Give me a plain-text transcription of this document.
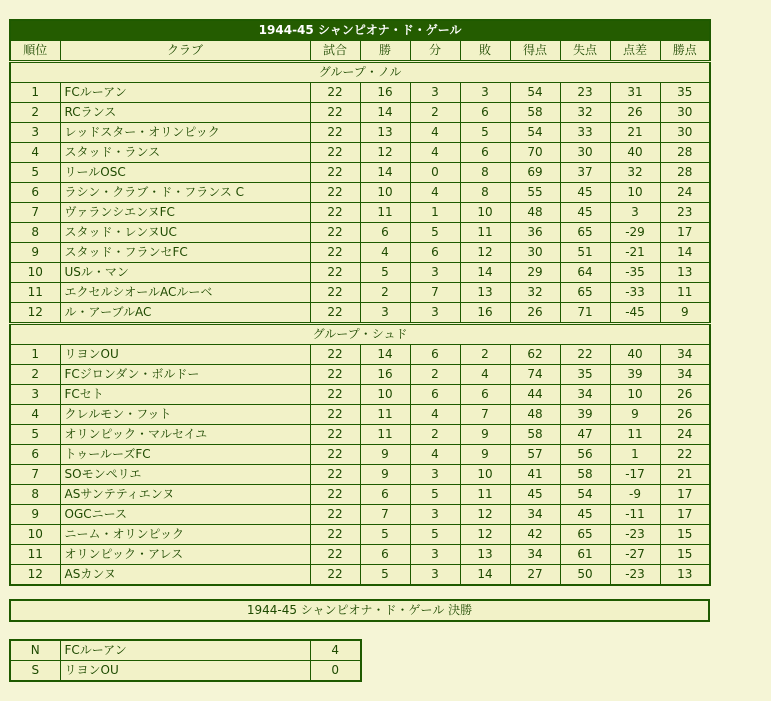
1944-45 シャンピオナ・ド・ゲール									
順位	クラブ	試合	勝	分	敗	得点	失点	点差	勝点
グループ・ノル									
1	FCルーアン	22	16	3	3	54	23	31	35
2	RCランス	22	14	2	6	58	32	26	30
3	レッドスター・オリンピック	22	13	4	5	54	33	21	30
4	スタッド・ランス	22	12	4	6	70	30	40	28
5	リールOSC	22	14	0	8	69	37	32	28
6	ラシン・クラブ・ド・フランス C	22	10	4	8	55	45	10	24
7	ヴァランシエンヌFC	22	11	1	10	48	45	3	23
8	スタッド・レンヌUC	22	6	5	11	36	65	-29	17
9	スタッド・フランセFC	22	4	6	12	30	51	-21	14
10	USル・マン	22	5	3	14	29	64	-35	13
11	エクセルシオールACルーベ	22	2	7	13	32	65	-33	11
12	ル・アーブルAC	22	3	3	16	26	71	-45	9
グループ・シュド									
1	リヨンOU	22	14	6	2	62	22	40	34
2	FCジロンダン・ボルドー	22	16	2	4	74	35	39	34
3	FCセト	22	10	6	6	44	34	10	26
4	クレルモン・フット	22	11	4	7	48	39	9	26
5	オリンピック・マルセイユ	22	11	2	9	58	47	11	24
6	トゥールーズFC	22	9	4	9	57	56	1	22
7	SOモンペリエ	22	9	3	10	41	58	-17	21
8	ASサンテティエンヌ	22	6	5	11	45	54	-9	17
9	OGCニース	22	7	3	12	34	45	-11	17
10	ニーム・オリンピック	22	5	5	12	42	65	-23	15
11	オリンピック・アレス	22	6	3	13	34	61	-27	15
12	ASカンヌ	22	5	3	14	27	50	-23	13
1944-45 シャンピオナ・ド・ゲール 決勝
N	FCルーアン	4
S	リヨンOU	0
